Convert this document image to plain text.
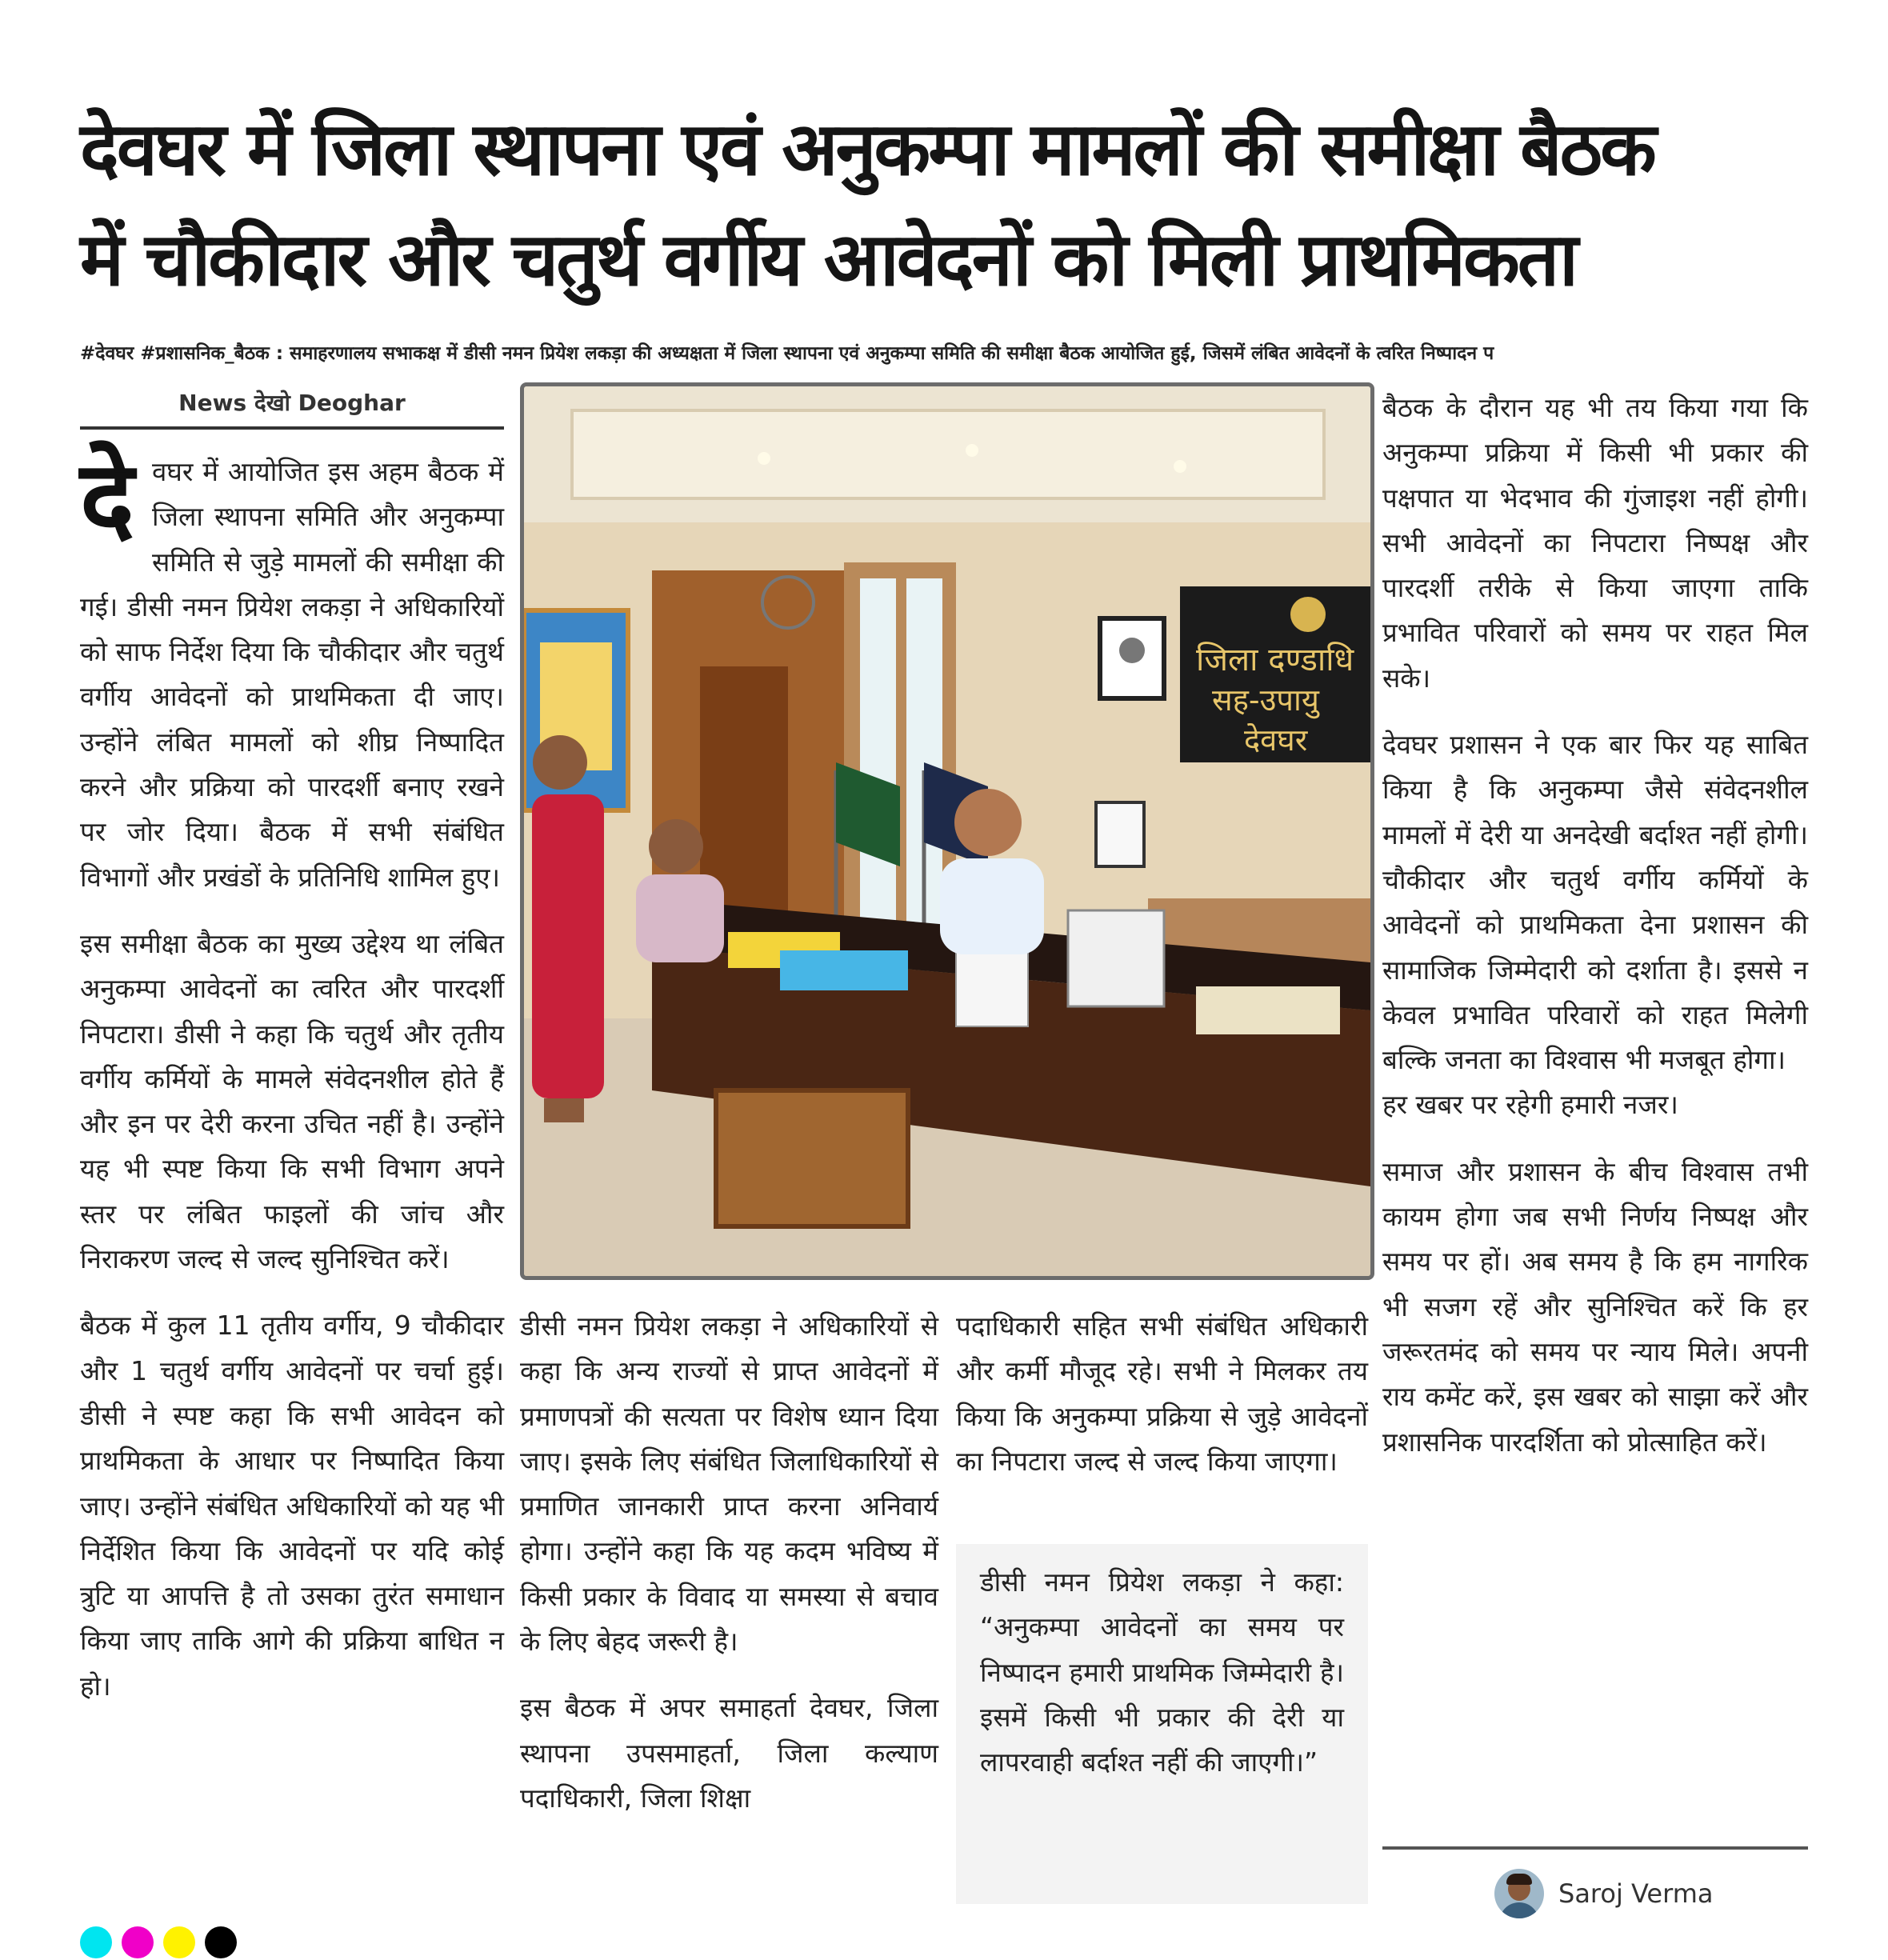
देवघर में जिला स्थापना एवं अनुकम्पा मामलों की समीक्षा बैठक
में चौकीदार और चतुर्थ वर्गीय आवेदनों को मिली प्राथमिकता
#देवघर #प्रशासनिक_बैठक : समाहरणालय सभाकक्ष में डीसी नमन प्रियेश लकड़ा की अध्यक्षता में जिला स्थापना एवं अनुकम्पा समिति की समीक्षा बैठक आयोजित हुई, जिसमें लंबित आवेदनों के त्वरित निष्पादन प
News देखो Deoghar

देवघर में आयोजित इस अहम बैठक में जिला स्थापना समिति और अनुकम्पा समिति से जुड़े मामलों की समीक्षा की गई। डीसी नमन प्रियेश लकड़ा ने अधिकारियों को साफ निर्देश दिया कि चौकीदार और चतुर्थ वर्गीय आवेदनों को प्राथमिकता दी जाए। उन्होंने लंबित मामलों को शीघ्र निष्पादित करने और प्रक्रिया को पारदर्शी बनाए रखने पर जोर दिया। बैठक में सभी संबंधित विभागों और प्रखंडों के प्रतिनिधि शामिल हुए।

इस समीक्षा बैठक का मुख्य उद्देश्य था लंबित अनुकम्पा आवेदनों का त्वरित और पारदर्शी निपटारा। डीसी ने कहा कि चतुर्थ और तृतीय वर्गीय कर्मियों के मामले संवेदनशील होते हैं और इन पर देरी करना उचित नहीं है। उन्होंने यह भी स्पष्ट किया कि सभी विभाग अपने स्तर पर लंबित फाइलों की जांच और निराकरण जल्द से जल्द सुनिश्चित करें।

बैठक में कुल 11 तृतीय वर्गीय, 9 चौकीदार और 1 चतुर्थ वर्गीय आवेदनों पर चर्चा हुई। डीसी ने स्पष्ट कहा कि सभी आवेदन को प्राथमिकता के आधार पर निष्पादित किया जाए। उन्होंने संबंधित अधिकारियों को यह भी निर्देशित किया कि आवेदनों पर यदि कोई त्रुटि या आपत्ति है तो उसका तुरंत समाधान किया जाए ताकि आगे की प्रक्रिया बाधित न हो।

जिला दण्डाधि
सह-उपायु
देवघर

डीसी नमन प्रियेश लकड़ा ने अधिकारियों से कहा कि अन्य राज्यों से प्राप्त आवेदनों में प्रमाणपत्रों की सत्यता पर विशेष ध्यान दिया जाए। इसके लिए संबंधित जिलाधिकारियों से प्रमाणित जानकारी प्राप्त करना अनिवार्य होगा। उन्होंने कहा कि यह कदम भविष्य में किसी प्रकार के विवाद या समस्या से बचाव के लिए बेहद जरूरी है।

इस बैठक में अपर समाहर्ता देवघर, जिला स्थापना उपसमाहर्ता, जिला कल्याण पदाधिकारी, जिला शिक्षा

पदाधिकारी सहित सभी संबंधित अधिकारी और कर्मी मौजूद रहे। सभी ने मिलकर तय किया कि अनुकम्पा प्रक्रिया से जुड़े आवेदनों का निपटारा जल्द से जल्द किया जाएगा।

डीसी नमन प्रियेश लकड़ा ने कहा: “अनुकम्पा आवेदनों का समय पर निष्पादन हमारी प्राथमिक जिम्मेदारी है। इसमें किसी भी प्रकार की देरी या लापरवाही बर्दाश्त नहीं की जाएगी।”

बैठक के दौरान यह भी तय किया गया कि अनुकम्पा प्रक्रिया में किसी भी प्रकार की पक्षपात या भेदभाव की गुंजाइश नहीं होगी। सभी आवेदनों का निपटारा निष्पक्ष और पारदर्शी तरीके से किया जाएगा ताकि प्रभावित परिवारों को समय पर राहत मिल सके।

देवघर प्रशासन ने एक बार फिर यह साबित किया है कि अनुकम्पा जैसे संवेदनशील मामलों में देरी या अनदेखी बर्दाश्त नहीं होगी। चौकीदार और चतुर्थ वर्गीय कर्मियों के आवेदनों को प्राथमिकता देना प्रशासन की सामाजिक जिम्मेदारी को दर्शाता है। इससे न केवल प्रभावित परिवारों को राहत मिलेगी बल्कि जनता का विश्वास भी मजबूत होगा।
हर खबर पर रहेगी हमारी नजर।

समाज और प्रशासन के बीच विश्वास तभी कायम होगा जब सभी निर्णय निष्पक्ष और समय पर हों। अब समय है कि हम नागरिक भी सजग रहें और सुनिश्चित करें कि हर जरूरतमंद को समय पर न्याय मिले। अपनी राय कमेंट करें, इस खबर को साझा करें और प्रशासनिक पारदर्शिता को प्रोत्साहित करें।

Saroj Verma
